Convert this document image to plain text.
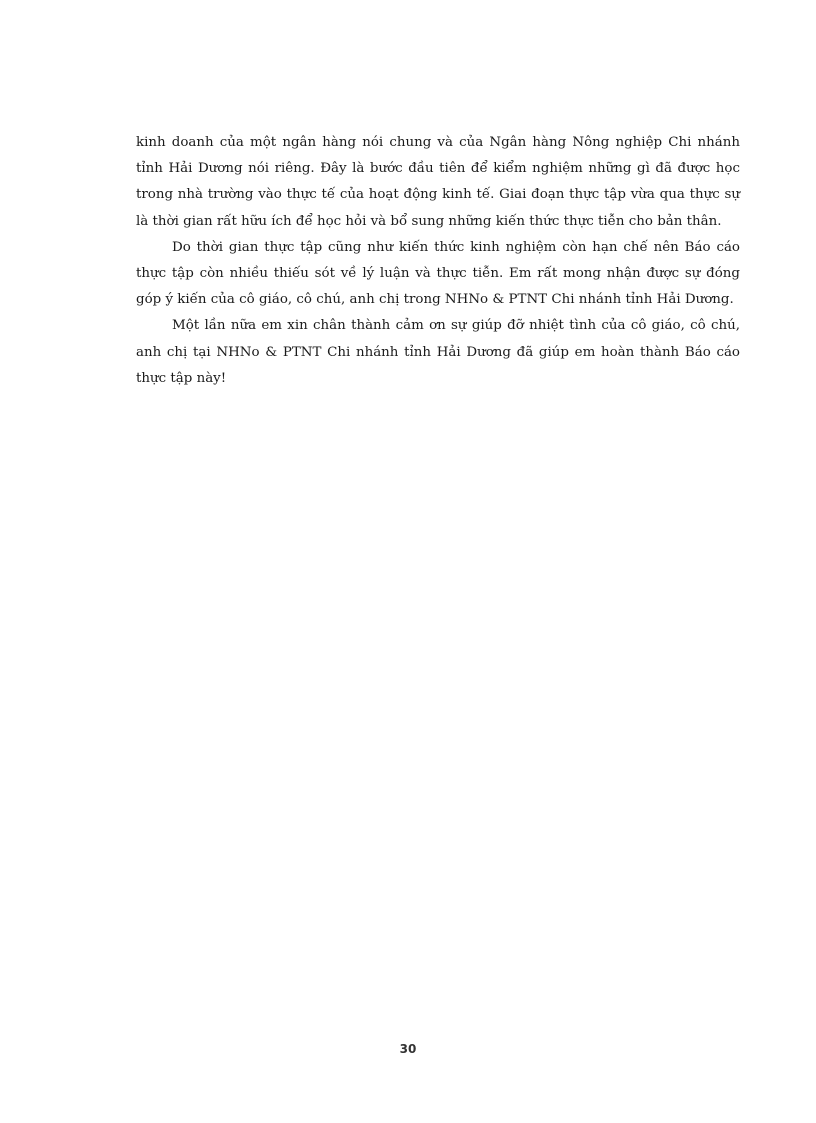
kinh doanh của một ngân hàng nói chung và của Ngân hàng Nông nghiệp Chi nhánh tỉnh Hải Dương nói riêng. Đây là bước đầu tiên để kiểm nghiệm những gì đã được học trong nhà trường vào thực tế của hoạt động kinh tế. Giai đoạn thực tập vừa qua thực sự là thời gian rất hữu ích để học hỏi và bổ sung những kiến thức thực tiễn cho bản thân.

Do thời gian thực tập cũng như kiến thức kinh nghiệm còn hạn chế nên Báo cáo thực tập còn nhiều thiếu sót về lý luận và thực tiễn. Em rất mong nhận được sự đóng góp ý kiến của cô giáo, cô chú, anh chị trong NHNo & PTNT Chi nhánh tỉnh Hải Dương.

Một lần nữa em xin chân thành cảm ơn sự giúp đỡ nhiệt tình của cô giáo, cô chú, anh chị tại NHNo & PTNT Chi nhánh tỉnh Hải Dương đã giúp em hoàn thành Báo cáo thực tập này!

30
